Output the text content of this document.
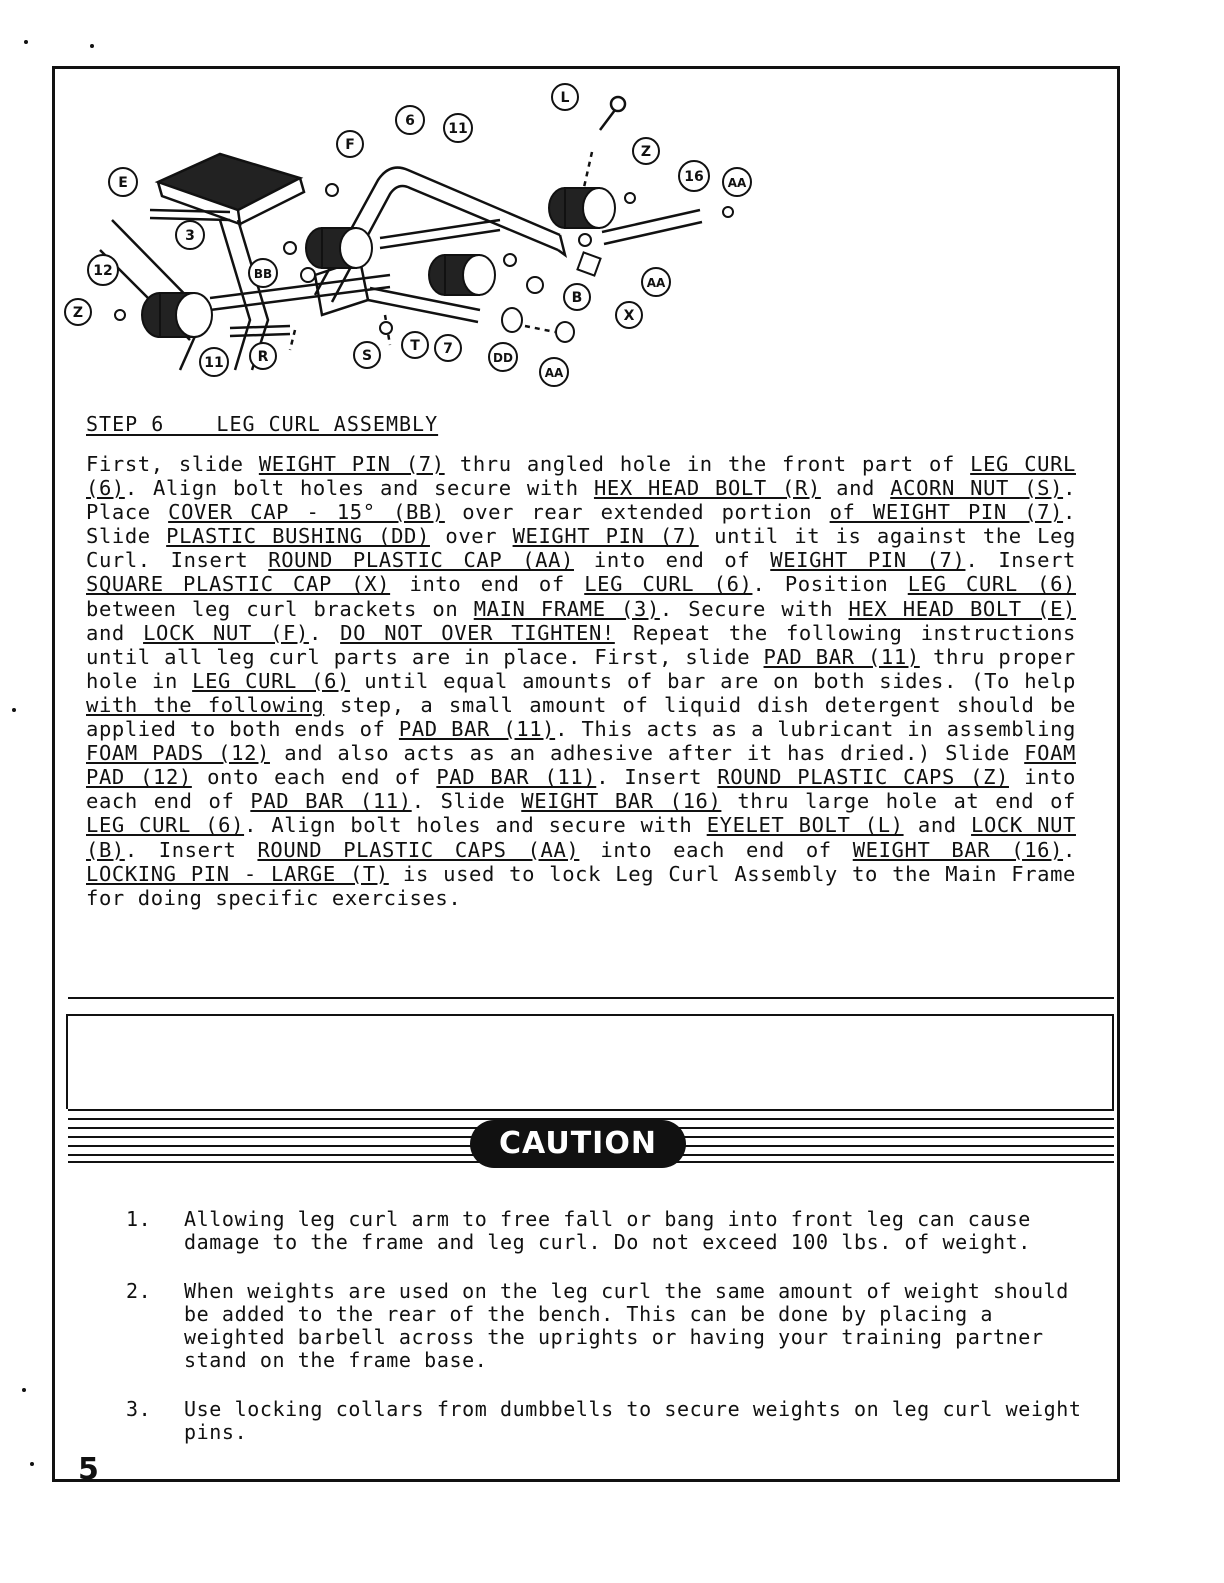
L
6 11
F	Z
16 AA
E
3
12	BB
Z
B
AA
X
11 R	S
T 7
DD
AA
STEP 6    LEG CURL ASSEMBLY
First, slide WEIGHT PIN (7) thru angled hole in the front part of LEG CURL (6). Align bolt holes and secure with HEX HEAD BOLT (R) and ACORN NUT (S). Place COVER CAP - 15° (BB) over rear extended portion of WEIGHT PIN (7). Slide PLASTIC BUSHING (DD) over WEIGHT PIN (7) until it is against the Leg Curl. Insert ROUND PLASTIC CAP (AA) into end of WEIGHT PIN (7). Insert SQUARE PLASTIC CAP (X) into end of LEG CURL (6). Position LEG CURL (6) between leg curl brackets on MAIN FRAME (3). Secure with HEX HEAD BOLT (E) and LOCK NUT (F). DO NOT OVER TIGHTEN! Repeat the following instructions until all leg curl parts are in place. First, slide PAD BAR (11) thru proper hole in LEG CURL (6) until equal amounts of bar are on both sides. (To help with the following step, a small amount of liquid dish detergent should be applied to both ends of PAD BAR (11). This acts as a lubricant in assembling FOAM PADS (12) and also acts as an adhesive after it has dried.) Slide FOAM PAD (12) onto each end of PAD BAR (11). Insert ROUND PLASTIC CAPS (Z) into each end of PAD BAR (11). Slide WEIGHT BAR (16) thru large hole at end of LEG CURL (6). Align bolt holes and secure with EYELET BOLT (L) and LOCK NUT (B). Insert ROUND PLASTIC CAPS (AA) into each end of WEIGHT BAR (16). LOCKING PIN - LARGE (T) is used to lock Leg Curl Assembly to the Main Frame for doing specific exercises.
CAUTION
1.	Allowing leg curl arm to free fall or bang into front leg can cause damage to the frame and leg curl. Do not exceed 100 lbs. of weight.
2.	When weights are used on the leg curl the same amount of weight should be added to the rear of the bench. This can be done by placing a weighted barbell across the uprights or having your training partner stand on the frame base.
3.	Use locking collars from dumbbells to secure weights on leg curl weight pins.
5
